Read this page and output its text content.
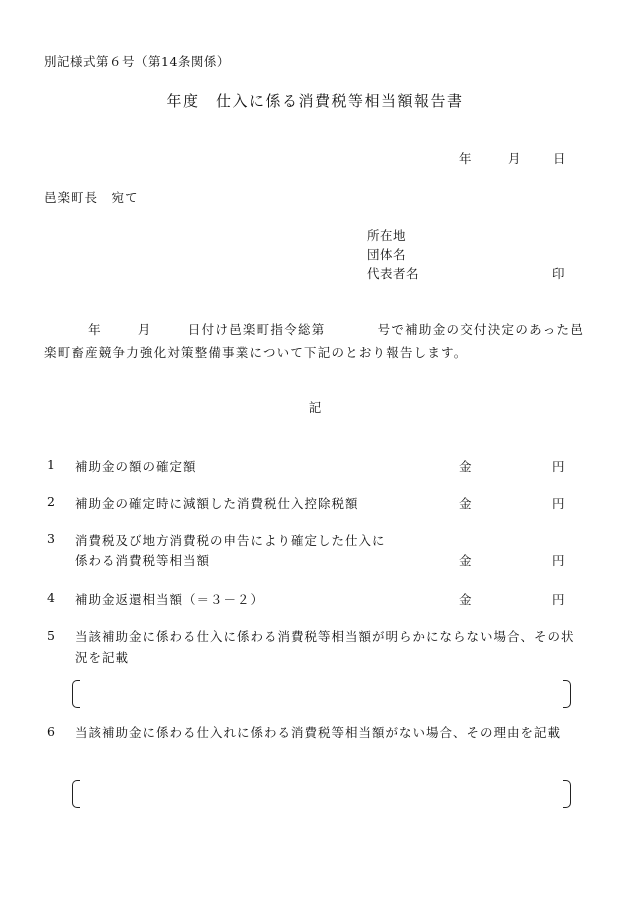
別記様式第６号（第14条関係）
年度　仕入に係る消費税等相当額報告書
年	月	日
邑楽町長　宛て
所在地
団体名
代表者名	印
年	月	日付け邑楽町指令総第	号で補助金の交付決定のあった邑楽町畜産競争力強化対策整備事業について下記のとおり報告します。
記
1 補助金の額の確定額	金	円
2 補助金の確定時に減額した消費税仕入控除税額	金	円
3 消費税及び地方消費税の申告により確定した仕入に
係わる消費税等相当額	金	円
4 補助金返還相当額（＝３－２）	金	円
5 当該補助金に係わる仕入に係わる消費税等相当額が明らかにならない場合、その状況を記載
6 当該補助金に係わる仕入れに係わる消費税等相当額がない場合、その理由を記載
